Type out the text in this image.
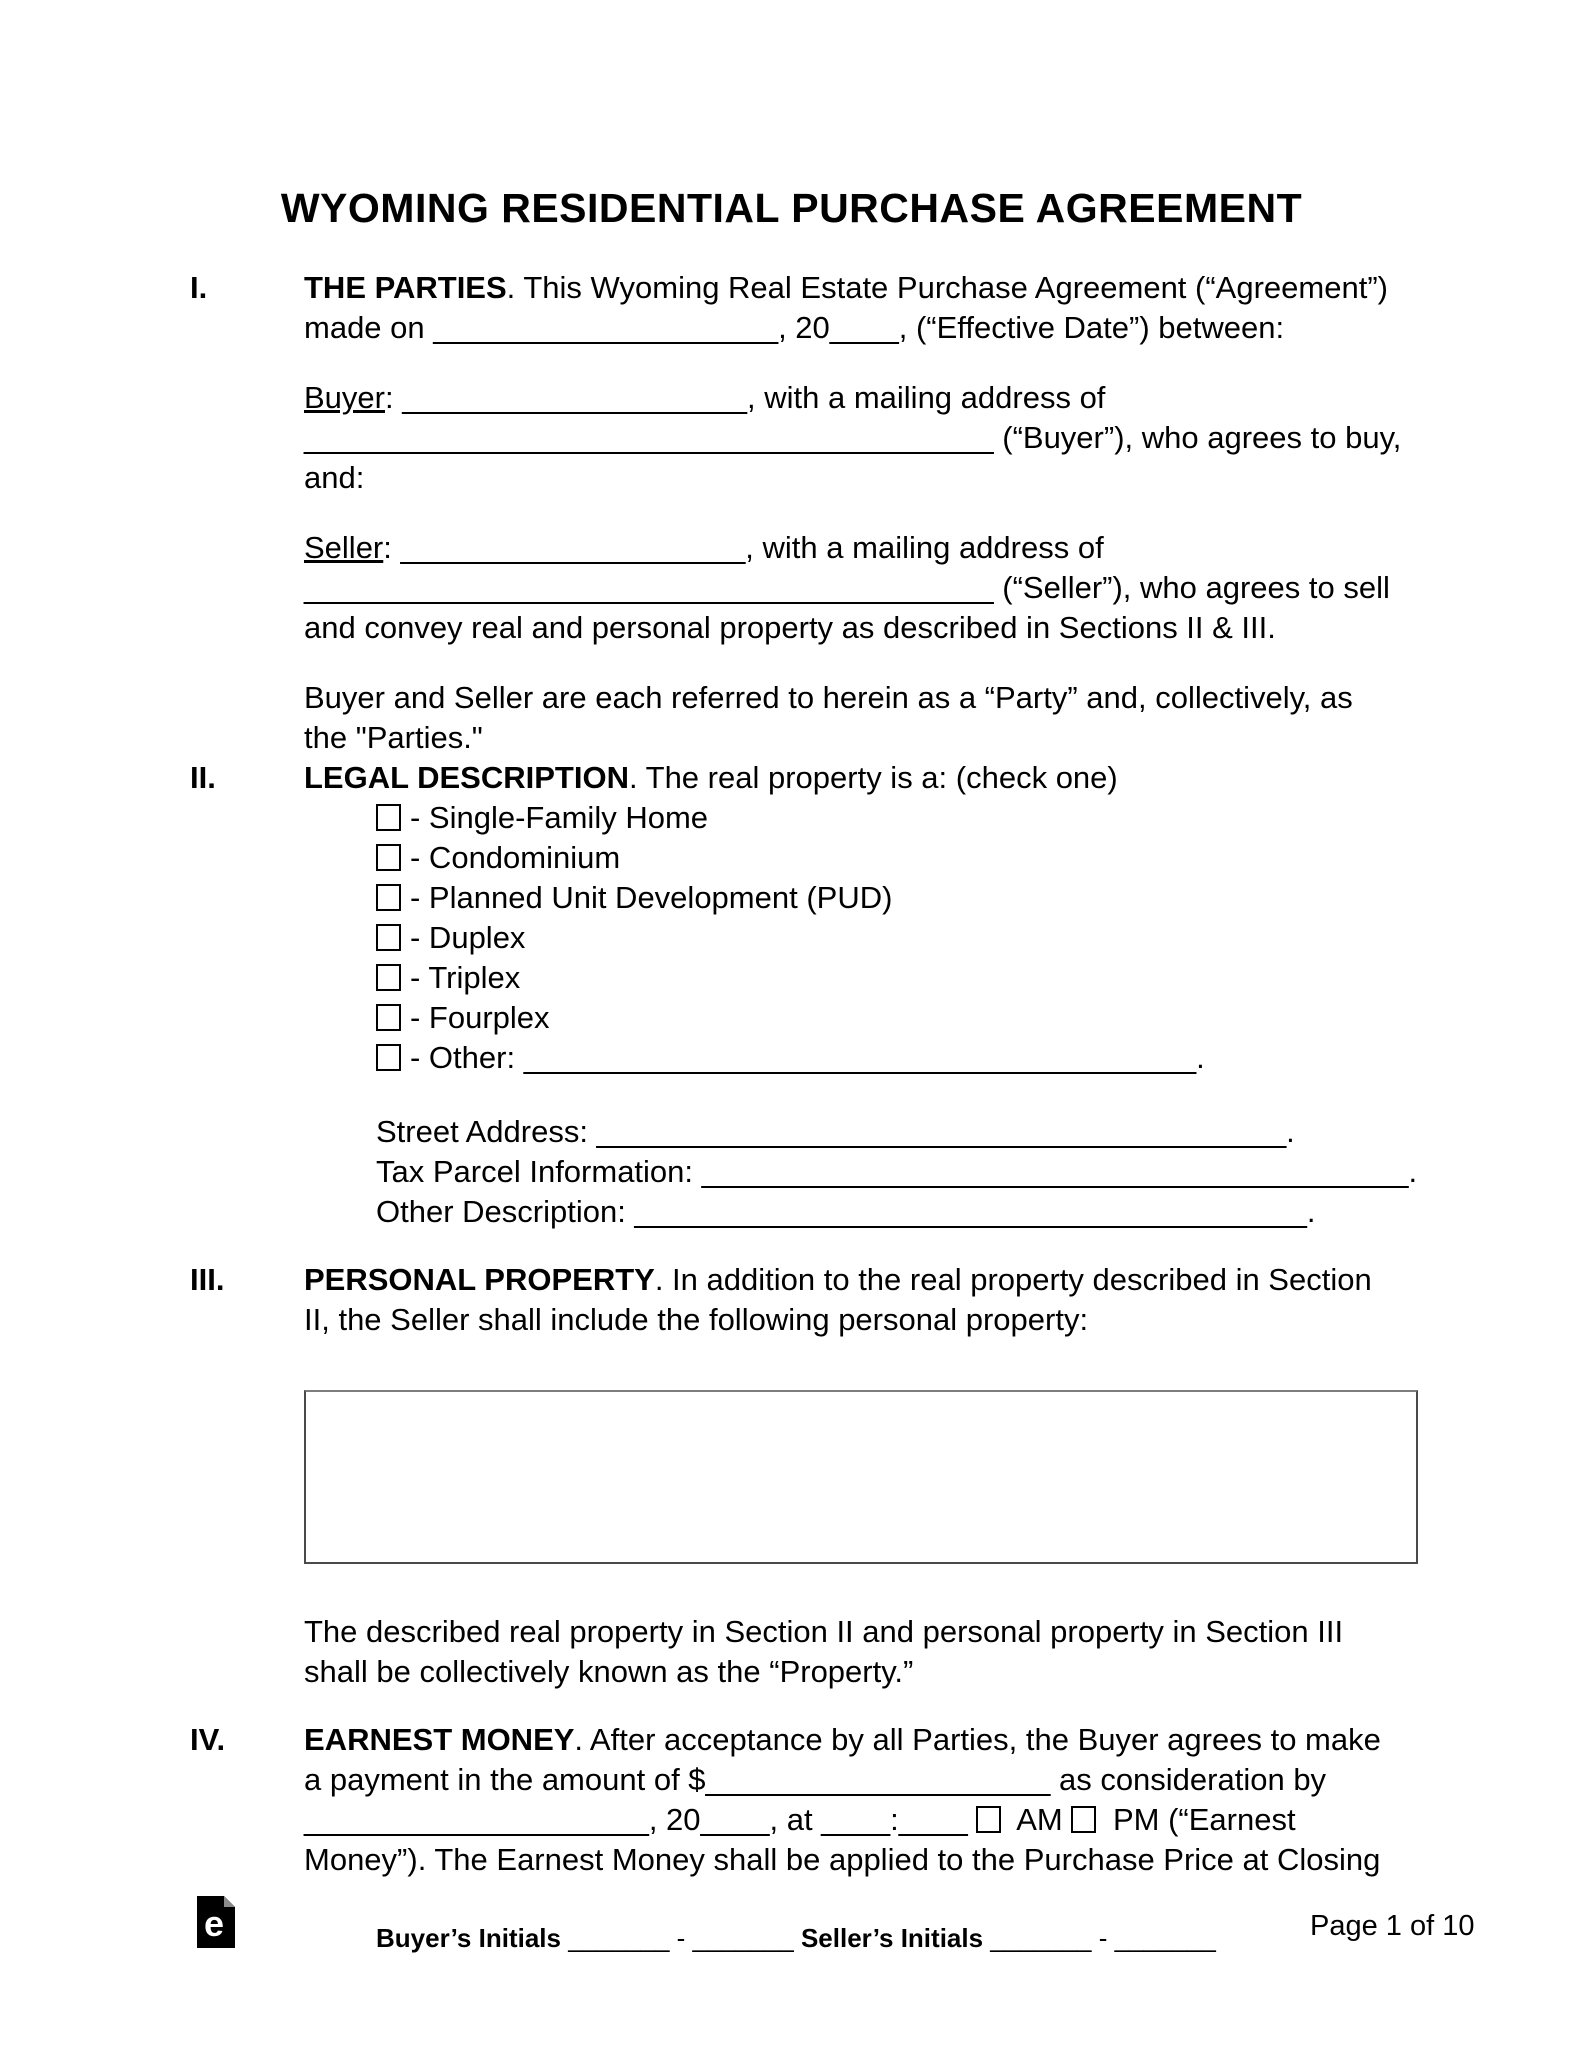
WYOMING RESIDENTIAL PURCHASE AGREEMENT
I.	THE PARTIES. This Wyoming Real Estate Purchase Agreement (“Agreement”)
made on ____________________, 20____, (“Effective Date”) between:
Buyer: ____________________, with a mailing address of
________________________________________ (“Buyer”), who agrees to buy,
and:
Seller: ____________________, with a mailing address of
________________________________________ (“Seller”), who agrees to sell
and convey real and personal property as described in Sections II & III.
Buyer and Seller are each referred to herein as a “Party” and, collectively, as
the "Parties."
II.	LEGAL DESCRIPTION. The real property is a: (check one)
- Single-Family Home
- Condominium
- Planned Unit Development (PUD)
- Duplex
- Triplex
- Fourplex
- Other: _______________________________________.
Street Address: ________________________________________.
Tax Parcel Information: _________________________________________.
Other Description: _______________________________________.
III.	PERSONAL PROPERTY. In addition to the real property described in Section
II, the Seller shall include the following personal property:
The described real property in Section II and personal property in Section III
shall be collectively known as the “Property.”
IV.	EARNEST MONEY. After acceptance by all Parties, the Buyer agrees to make
a payment in the amount of $____________________ as consideration by
____________________, 20____, at ____:____  AM  PM (“Earnest
Money”). The Earnest Money shall be applied to the Purchase Price at Closing
e	Buyer’s Initials _______ - _______ Seller’s Initials _______ - _______	Page 1 of 10
